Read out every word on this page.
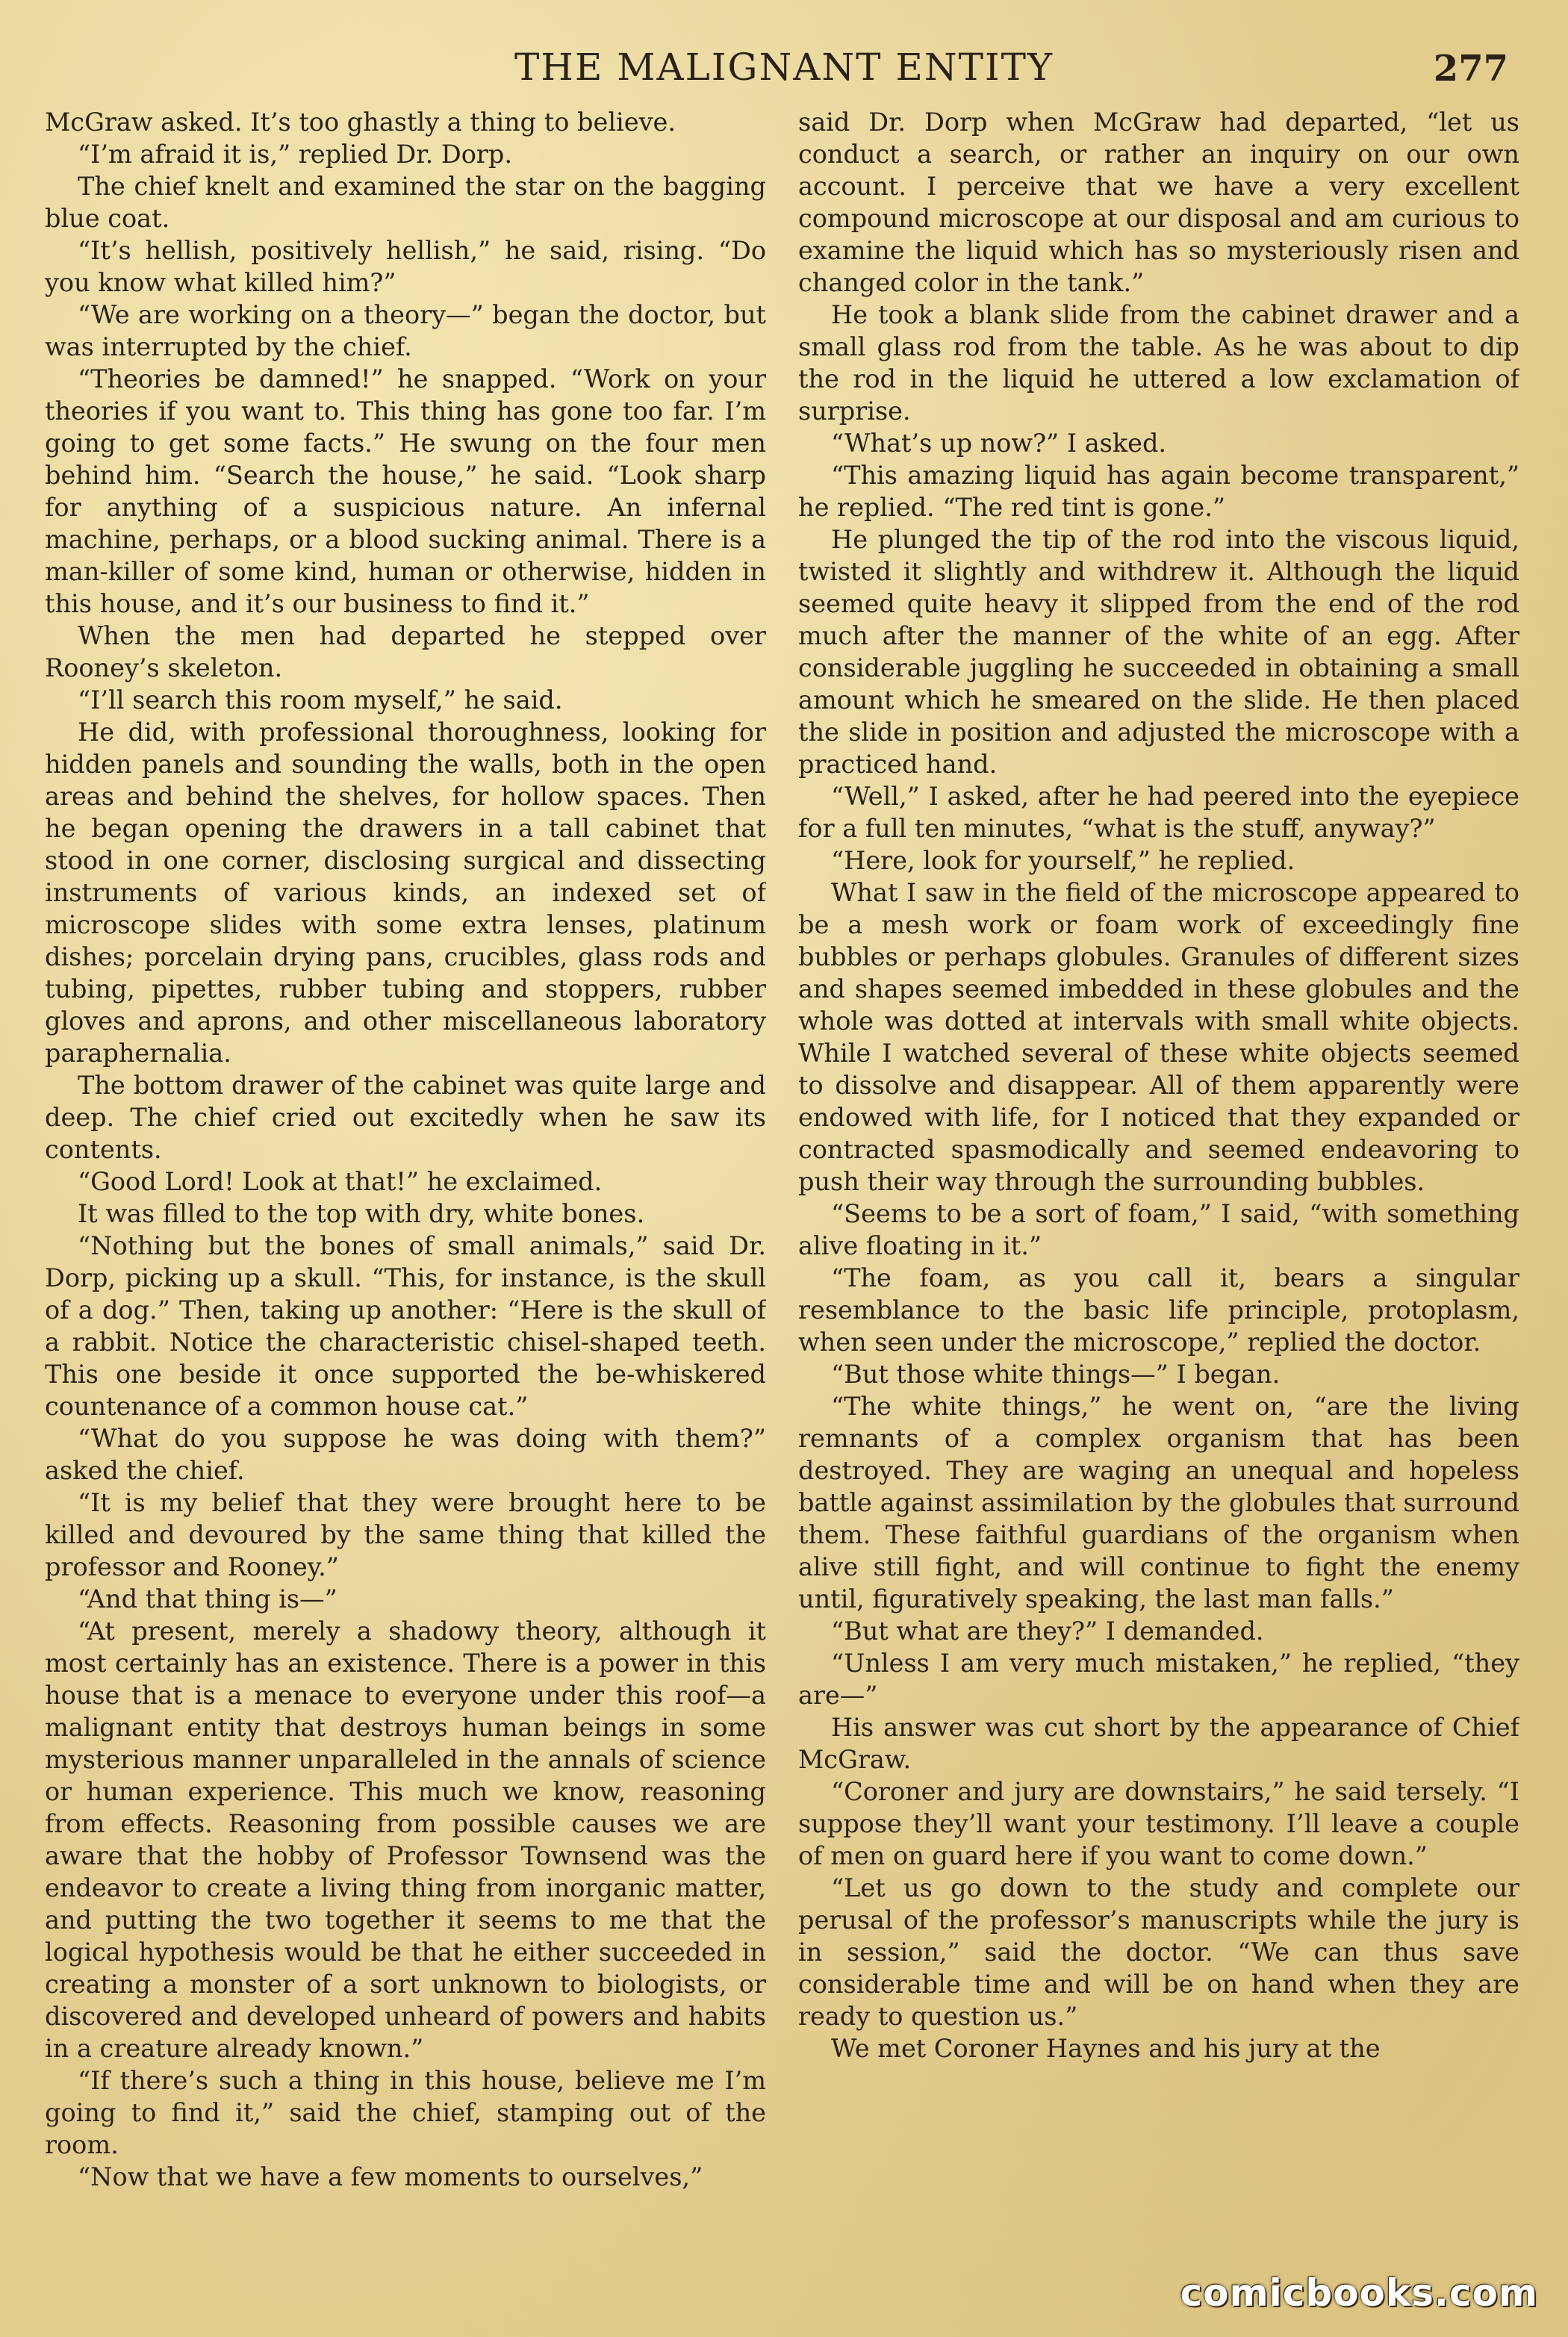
THE MALIGNANT ENTITY	277

McGraw asked. It’s too ghastly a thing to believe.

“I’m afraid it is,” replied Dr. Dorp.

The chief knelt and examined the star on the bagging blue coat.

“It’s hellish, positively hellish,” he said, rising. “Do you know what killed him?”

“We are working on a theory—” began the doctor, but was interrupted by the chief.

“Theories be damned!” he snapped. “Work on your theories if you want to. This thing has gone too far. I’m going to get some facts.” He swung on the four men behind him. “Search the house,” he said. “Look sharp for anything of a suspicious nature. An infernal machine, perhaps, or a blood sucking animal. There is a man-killer of some kind, human or otherwise, hidden in this house, and it’s our business to find it.”

When the men had departed he stepped over Rooney’s skeleton.

“I’ll search this room myself,” he said.

He did, with professional thoroughness, looking for hidden panels and sounding the walls, both in the open areas and behind the shelves, for hollow spaces. Then he began opening the drawers in a tall cabinet that stood in one corner, disclosing surgical and dissecting instruments of various kinds, an indexed set of microscope slides with some extra lenses, platinum dishes; porcelain drying pans, crucibles, glass rods and tubing, pipettes, rubber tubing and stoppers, rubber gloves and aprons, and other miscellaneous laboratory paraphernalia.

The bottom drawer of the cabinet was quite large and deep. The chief cried out excitedly when he saw its contents.

“Good Lord! Look at that!” he exclaimed.

It was filled to the top with dry, white bones.

“Nothing but the bones of small animals,” said Dr. Dorp, picking up a skull. “This, for instance, is the skull of a dog.” Then, taking up another: “Here is the skull of a rabbit. Notice the characteristic chisel-shaped teeth. This one beside it once supported the be-whiskered countenance of a common house cat.”

“What do you suppose he was doing with them?” asked the chief.

“It is my belief that they were brought here to be killed and devoured by the same thing that killed the professor and Rooney.”

“And that thing is—”

“At present, merely a shadowy theory, although it most certainly has an existence. There is a power in this house that is a menace to everyone under this roof—a malignant entity that destroys human beings in some mysterious manner unparalleled in the annals of science or human experience. This much we know, reasoning from effects. Reasoning from possible causes we are aware that the hobby of Professor Townsend was the endeavor to create a living thing from inorganic matter, and putting the two together it seems to me that the logical hypothesis would be that he either succeeded in creating a monster of a sort unknown to biologists, or discovered and developed unheard of powers and habits in a creature already known.”

“If there’s such a thing in this house, believe me I’m going to find it,” said the chief, stamping out of the room.

“Now that we have a few moments to ourselves,”

said Dr. Dorp when McGraw had departed, “let us conduct a search, or rather an inquiry on our own account. I perceive that we have a very excellent compound microscope at our disposal and am curious to examine the liquid which has so mysteriously risen and changed color in the tank.”

He took a blank slide from the cabinet drawer and a small glass rod from the table. As he was about to dip the rod in the liquid he uttered a low exclamation of surprise.

“What’s up now?” I asked.

“This amazing liquid has again become transparent,” he replied. “The red tint is gone.”

He plunged the tip of the rod into the viscous liquid, twisted it slightly and withdrew it. Although the liquid seemed quite heavy it slipped from the end of the rod much after the manner of the white of an egg. After considerable juggling he succeeded in obtaining a small amount which he smeared on the slide. He then placed the slide in position and adjusted the microscope with a practiced hand.

“Well,” I asked, after he had peered into the eyepiece for a full ten minutes, “what is the stuff, anyway?”

“Here, look for yourself,” he replied.

What I saw in the field of the microscope appeared to be a mesh work or foam work of exceedingly fine bubbles or perhaps globules. Granules of different sizes and shapes seemed imbedded in these globules and the whole was dotted at intervals with small white objects. While I watched several of these white objects seemed to dissolve and disappear. All of them apparently were endowed with life, for I noticed that they expanded or contracted spasmodically and seemed endeavoring to push their way through the surrounding bubbles.

“Seems to be a sort of foam,” I said, “with something alive floating in it.”

“The foam, as you call it, bears a singular resemblance to the basic life principle, protoplasm, when seen under the microscope,” replied the doctor.

“But those white things—” I began.

“The white things,” he went on, “are the living remnants of a complex organism that has been destroyed. They are waging an unequal and hopeless battle against assimilation by the globules that surround them. These faithful guardians of the organism when alive still fight, and will continue to fight the enemy until, figuratively speaking, the last man falls.”

“But what are they?” I demanded.

“Unless I am very much mistaken,” he replied, “they are—”

His answer was cut short by the appearance of Chief McGraw.

“Coroner and jury are downstairs,” he said tersely. “I suppose they’ll want your testimony. I’ll leave a couple of men on guard here if you want to come down.”

“Let us go down to the study and complete our perusal of the professor’s manuscripts while the jury is in session,” said the doctor. “We can thus save considerable time and will be on hand when they are ready to question us.”

We met Coroner Haynes and his jury at the

comicbooks.com
